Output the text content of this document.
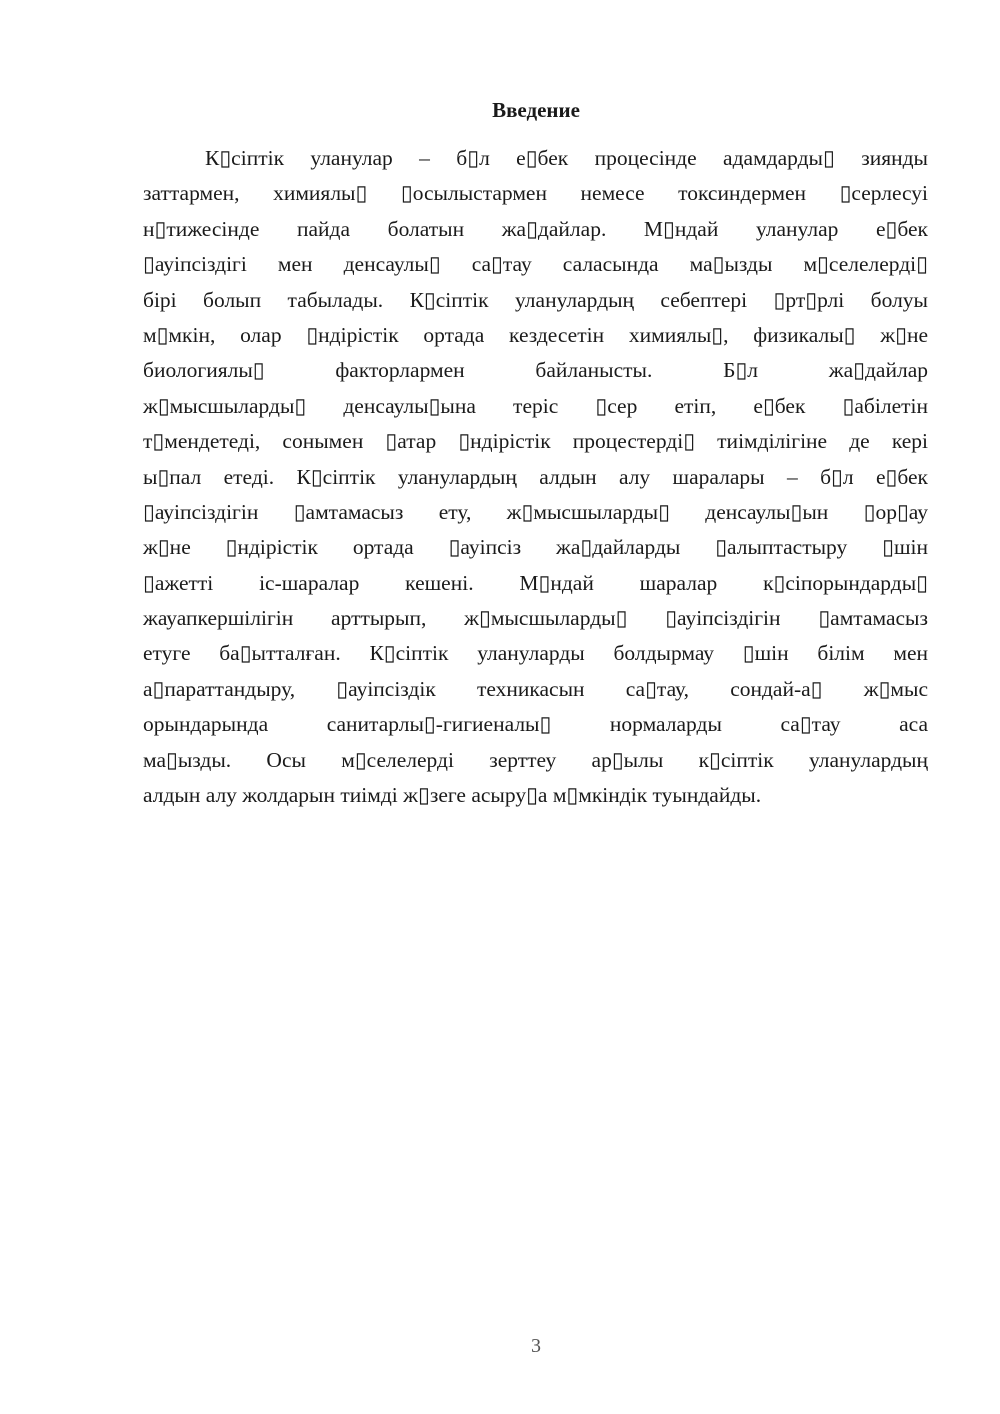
Введение
К▯сіптік уланулар – б▯л е▯бек процесінде адамдарды▯ зиянды
заттармен, химиялы▯ ▯осылыстармен немесе токсиндермен ▯серлесуі
н▯тижесінде пайда болатын жа▯дайлар. М▯ндай уланулар е▯бек
▯ауіпсіздігі мен денсаулы▯ са▯тау саласында ма▯ызды м▯селелерді▯
бірі болып табылады. К▯сіптік уланулардың себептері ▯рт▯рлі болуы
м▯мкін, олар ▯ндірістік ортада кездесетін химиялы▯, физикалы▯ ж▯не
биологиялы▯ факторлармен байланысты. Б▯л жа▯дайлар
ж▯мысшыларды▯ денсаулы▯ына теріс ▯сер етіп, е▯бек ▯абілетін
т▯мендетеді, сонымен ▯атар ▯ндірістік процестерді▯ тиімділігіне де кері
ы▯пал етеді. К▯сіптік уланулардың алдын алу шаралары – б▯л е▯бек
▯ауіпсіздігін ▯амтамасыз ету, ж▯мысшыларды▯ денсаулы▯ын ▯ор▯ау
ж▯не ▯ндірістік ортада ▯ауіпсіз жа▯дайларды ▯алыптастыру ▯шін
▯ажетті іс-шаралар кешені. М▯ндай шаралар к▯сіпорындарды▯
жауапкершілігін арттырып, ж▯мысшыларды▯ ▯ауіпсіздігін ▯амтамасыз
етуге ба▯ытталған. К▯сіптік улануларды болдырмау ▯шін білім мен
а▯параттандыру, ▯ауіпсіздік техникасын са▯тау, сондай-а▯ ж▯мыс
орындарында санитарлы▯-гигиеналы▯ нормаларды са▯тау аса
ма▯ызды. Осы м▯селелерді зерттеу ар▯ылы к▯сіптік уланулардың
алдын алу жолдарын тиімді ж▯зеге асыру▯а м▯мкіндік туындайды.
3
